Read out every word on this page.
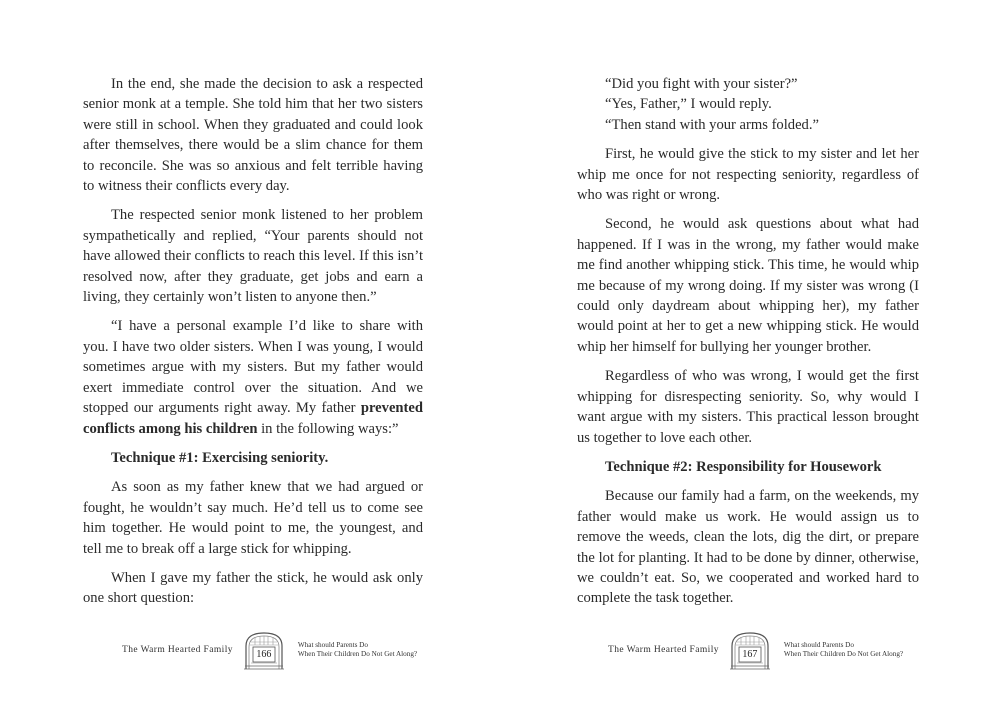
In the end, she made the decision to ask a respected senior monk at a temple. She told him that her two sisters were still in school. When they graduated and could look after themselves, there would be a slim chance for them to reconcile. She was so anxious and felt terrible having to witness their conflicts every day.

The respected senior monk listened to her problem sympathetically and replied, “Your parents should not have allowed their conflicts to reach this level. If this isn’t resolved now, after they graduate, get jobs and earn a living, they certainly won’t listen to anyone then.”

“I have a personal example I’d like to share with you. I have two older sisters. When I was young, I would sometimes argue with my sisters. But my father would exert immediate control over the situation. And we stopped our arguments right away. My father prevented conflicts among his children in the following ways:”

Technique #1: Exercising seniority.

As soon as my father knew that we had argued or fought, he wouldn’t say much. He’d tell us to come see him together. He would point to me, the youngest, and tell me to break off a large stick for whipping.

When I gave my father the stick, he would ask only one short question:

The Warm Hearted Family	166
What should Parents Do
When Their Children Do Not Get Along?

“Did you fight with your sister?”

“Yes, Father,” I would reply.

“Then stand with your arms folded.”

First, he would give the stick to my sister and let her whip me once for not respecting seniority, regardless of who was right or wrong.

Second, he would ask questions about what had happened. If I was in the wrong, my father would make me find another whipping stick. This time, he would whip me because of my wrong doing. If my sister was wrong (I could only daydream about whipping her), my father would point at her to get a new whipping stick. He would whip her himself for bullying her younger brother.

Regardless of who was wrong, I would get the first whipping for disrespecting seniority. So, why would I want argue with my sisters. This practical lesson brought us together to love each other.

Technique #2: Responsibility for Housework

Because our family had a farm, on the weekends, my father would make us work. He would assign us to remove the weeds, clean the lots, dig the dirt, or prepare the lot for planting. It had to be done by dinner, otherwise, we couldn’t eat. So, we cooperated and worked hard to complete the task together.

The Warm Hearted Family	167
What should Parents Do
When Their Children Do Not Get Along?
